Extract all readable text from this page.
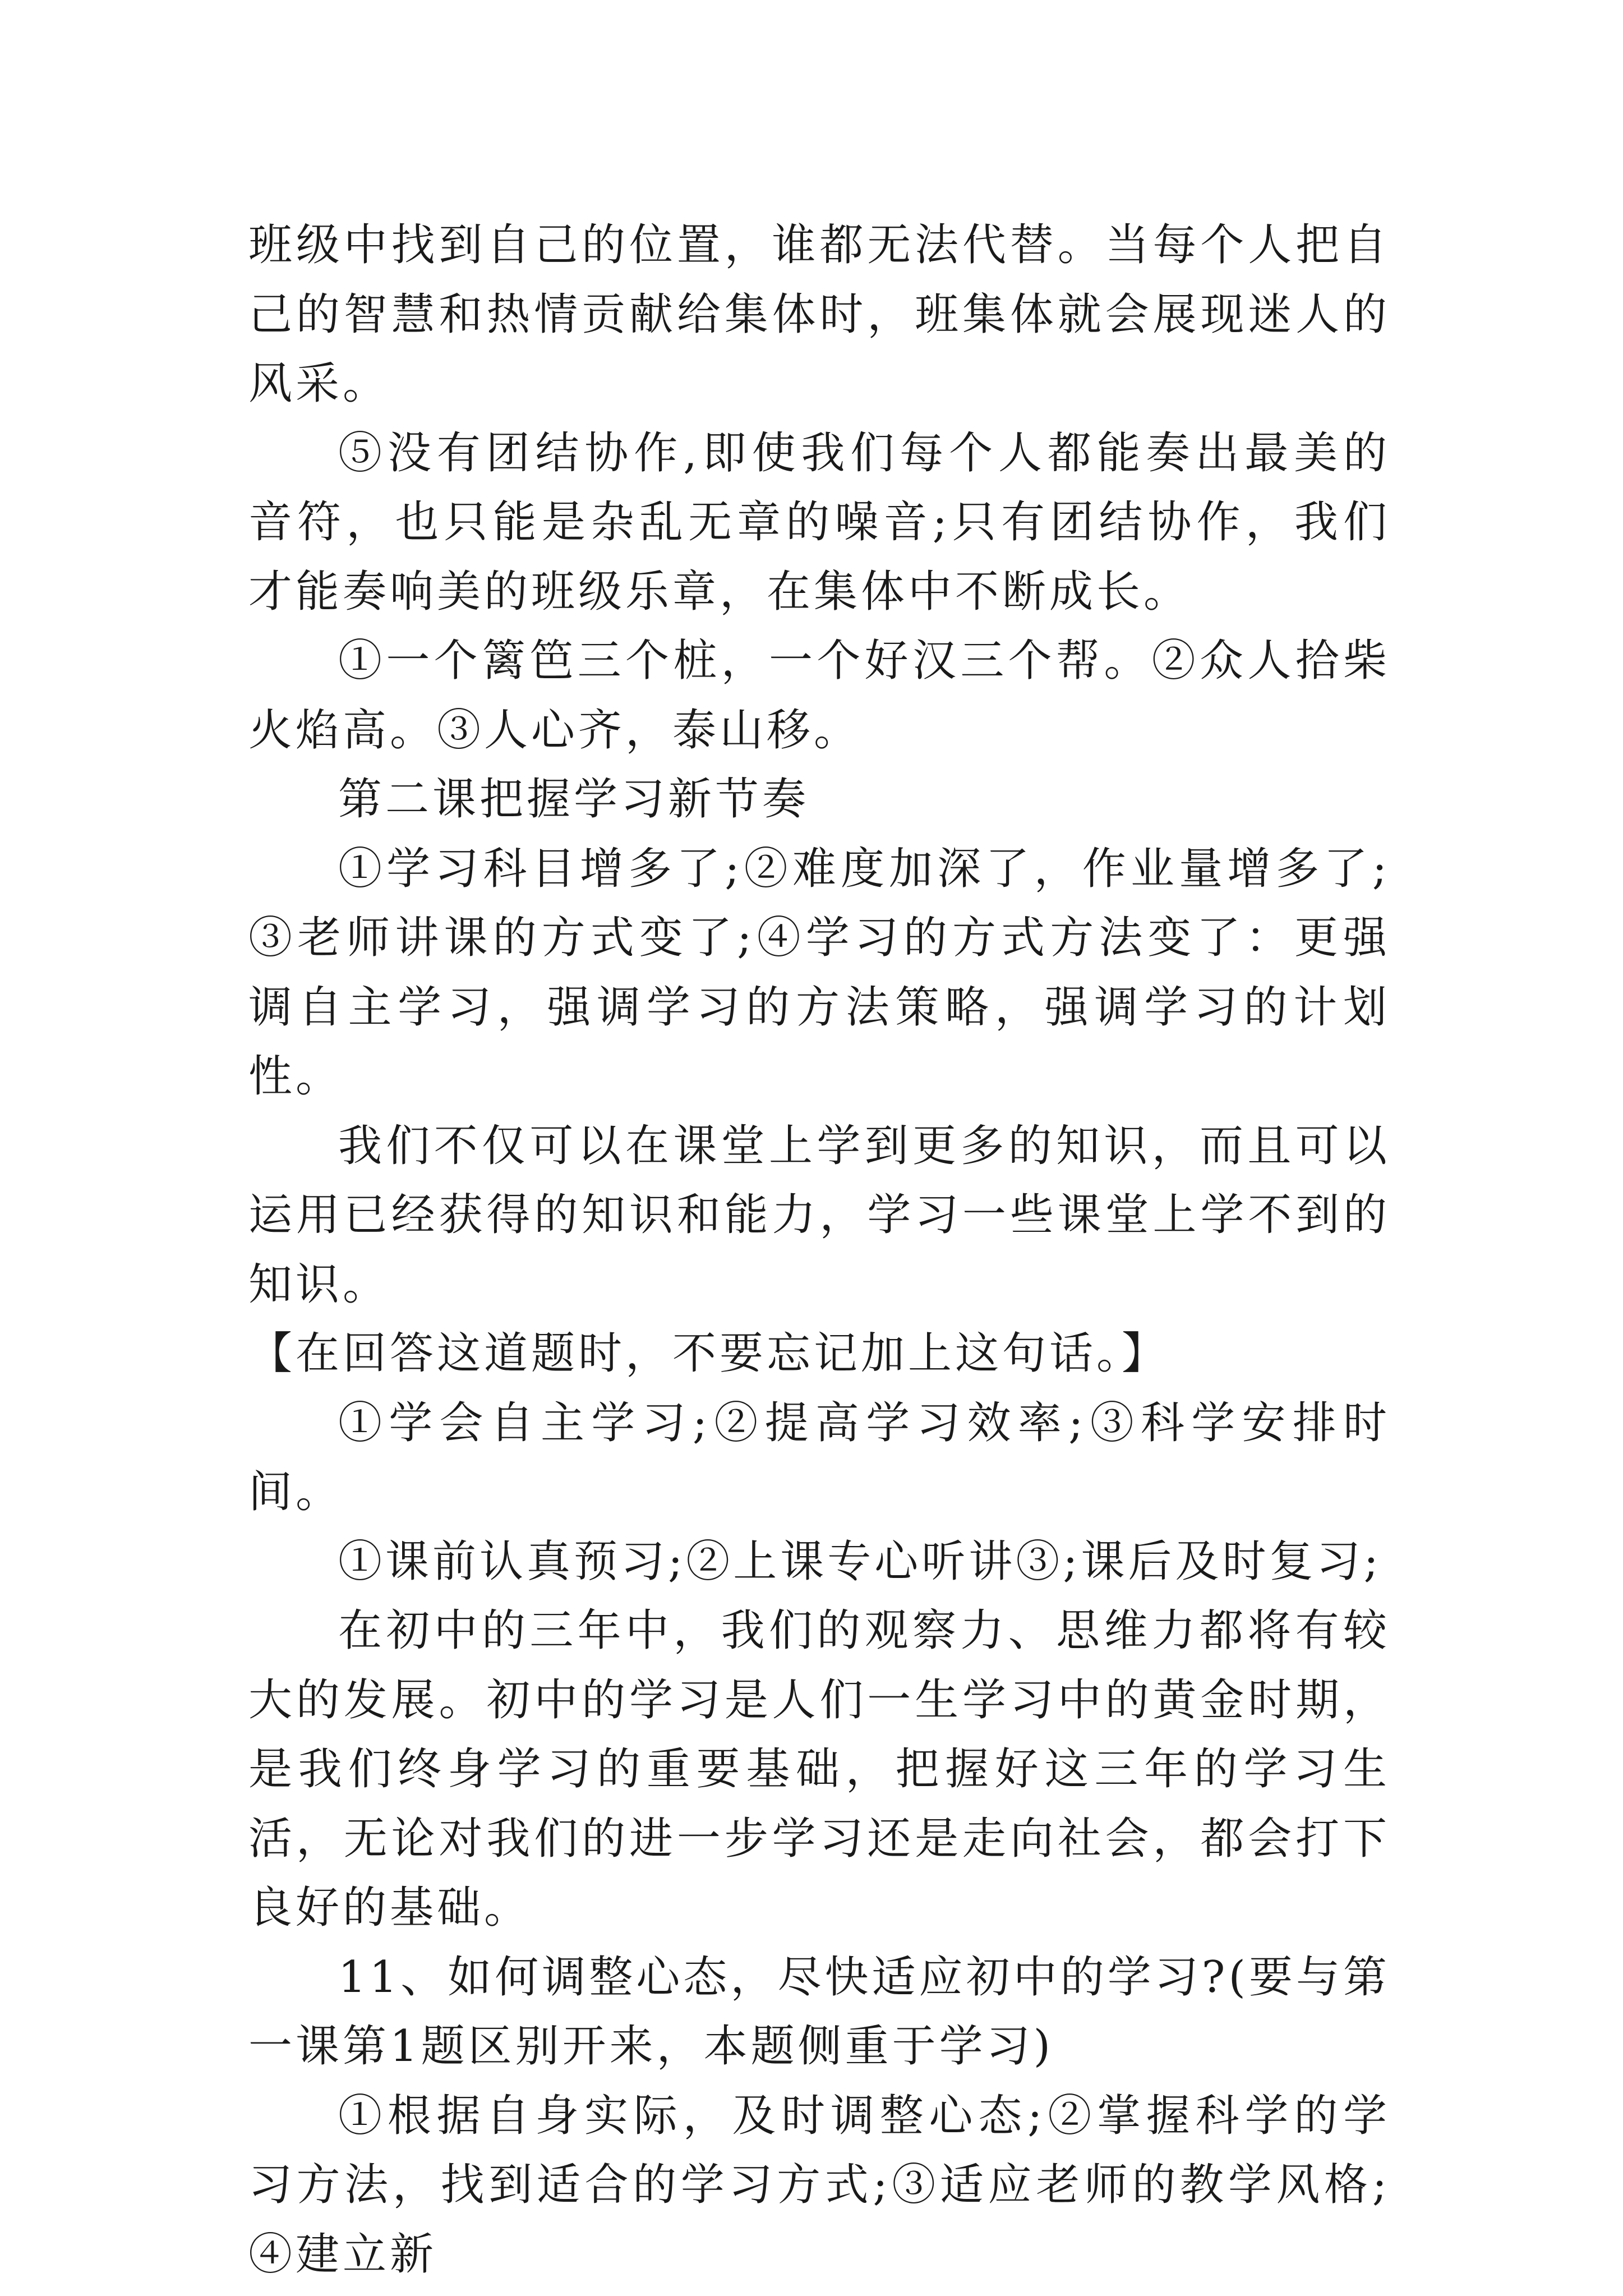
班级中找到自己的位置，谁都无法代替。当每个人把自己的智慧和热情贡献给集体时，班集体就会展现迷人的风采。

⑤没有团结协作,即使我们每个人都能奏出最美的音符，也只能是杂乱无章的噪音;只有团结协作，我们才能奏响美的班级乐章，在集体中不断成长。

①一个篱笆三个桩，一个好汉三个帮。②众人拾柴火焰高。③人心齐，泰山移。

第二课把握学习新节奏

①学习科目增多了;②难度加深了，作业量增多了;③老师讲课的方式变了;④学习的方式方法变了：更强调自主学习，强调学习的方法策略，强调学习的计划性。

我们不仅可以在课堂上学到更多的知识，而且可以运用已经获得的知识和能力，学习一些课堂上学不到的知识。

【在回答这道题时，不要忘记加上这句话。】

①学会自主学习;②提高学习效率;③科学安排时间。

①课前认真预习;②上课专心听讲③;课后及时复习;

在初中的三年中，我们的观察力、思维力都将有较大的发展。初中的学习是人们一生学习中的黄金时期，是我们终身学习的重要基础，把握好这三年的学习生活，无论对我们的进一步学习还是走向社会，都会打下良好的基础。

11、如何调整心态，尽快适应初中的学习?(要与第一课第1题区别开来，本题侧重于学习)

①根据自身实际，及时调整心态;②掌握科学的学习方法，找到适合的学习方式;③适应老师的教学风格;④建立新
